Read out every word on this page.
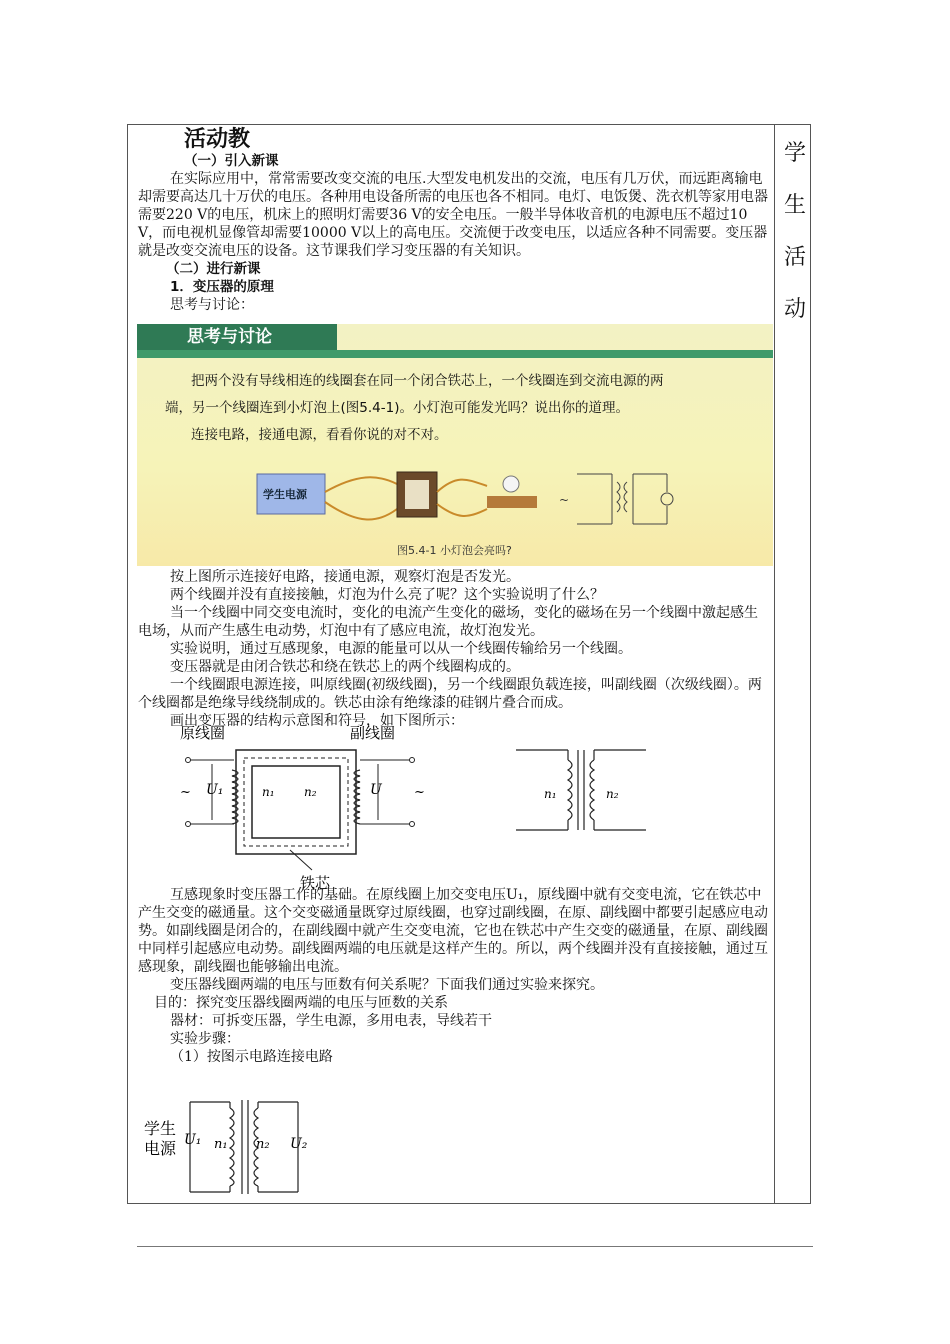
学
生
活
动
活动教

（一）引入新课

在实际应用中，常常需要改变交流的电压.大型发电机发出的交流，电压有几万伏，而远距离输电却需要高达几十万伏的电压。各种用电设备所需的电压也各不相同。电灯、电饭煲、洗衣机等家用电器需要220 V的电压，机床上的照明灯需要36 V的安全电压。一般半导体收音机的电源电压不超过10 V，而电视机显像管却需要10000 V以上的高电压。交流便于改变电压，以适应各种不同需要。变压器就是改变交流电压的设备。这节课我们学习变压器的有关知识。

（二）进行新课

1．变压器的原理

思考与讨论：

思考与讨论
把两个没有导线相连的线圈套在同一个闭合铁芯上，一个线圈连到交流电源的两
端，另一个线圈连到小灯泡上(图5.4-1)。小灯泡可能发光吗？说出你的道理。
连接电路，接通电源，看看你说的对不对。
学生电源	~
图5.4-1 小灯泡会亮吗?

按上图所示连接好电路，接通电源，观察灯泡是否发光。

两个线圈并没有直接接触，灯泡为什么亮了呢？这个实验说明了什么？

当一个线圈中同交变电流时，变化的电流产生变化的磁场，变化的磁场在另一个线圈中激起感生电场，从而产生感生电动势，灯泡中有了感应电流，故灯泡发光。

实验说明，通过互感现象，电源的能量可以从一个线圈传输给另一个线圈。

变压器就是由闭合铁芯和绕在铁芯上的两个线圈构成的。

一个线圈跟电源连接，叫原线圈(初级线圈)，另一个线圈跟负载连接，叫副线圈（次级线圈）。两个线圈都是绝缘导线绕制成的。铁芯由涂有绝缘漆的硅钢片叠合而成。

画出变压器的结构示意图和符号，如下图所示：

原线圈	副线圈
~	~
U₁	U
n₁ n₂
铁芯
n₁	n₂

互感现象时变压器工作的基础。在原线圈上加交变电压U₁，原线圈中就有交变电流，它在铁芯中产生交变的磁通量。这个交变磁通量既穿过原线圈，也穿过副线圈，在原、副线圈中都要引起感应电动势。如副线圈是闭合的，在副线圈中就产生交变电流，它也在铁芯中产生交变的磁通量，在原、副线圈中同样引起感应电动势。副线圈两端的电压就是这样产生的。所以，两个线圈并没有直接接触，通过互感现象，副线圈也能够输出电流。

变压器线圈两端的电压与匝数有何关系呢？下面我们通过实验来探究。

目的：探究变压器线圈两端的电压与匝数的关系

器材：可拆变压器，学生电源，多用电表，导线若干

实验步骤：

（1）按图示电路连接电路

学生
电源 U₁ n₁ n₂ U₂
